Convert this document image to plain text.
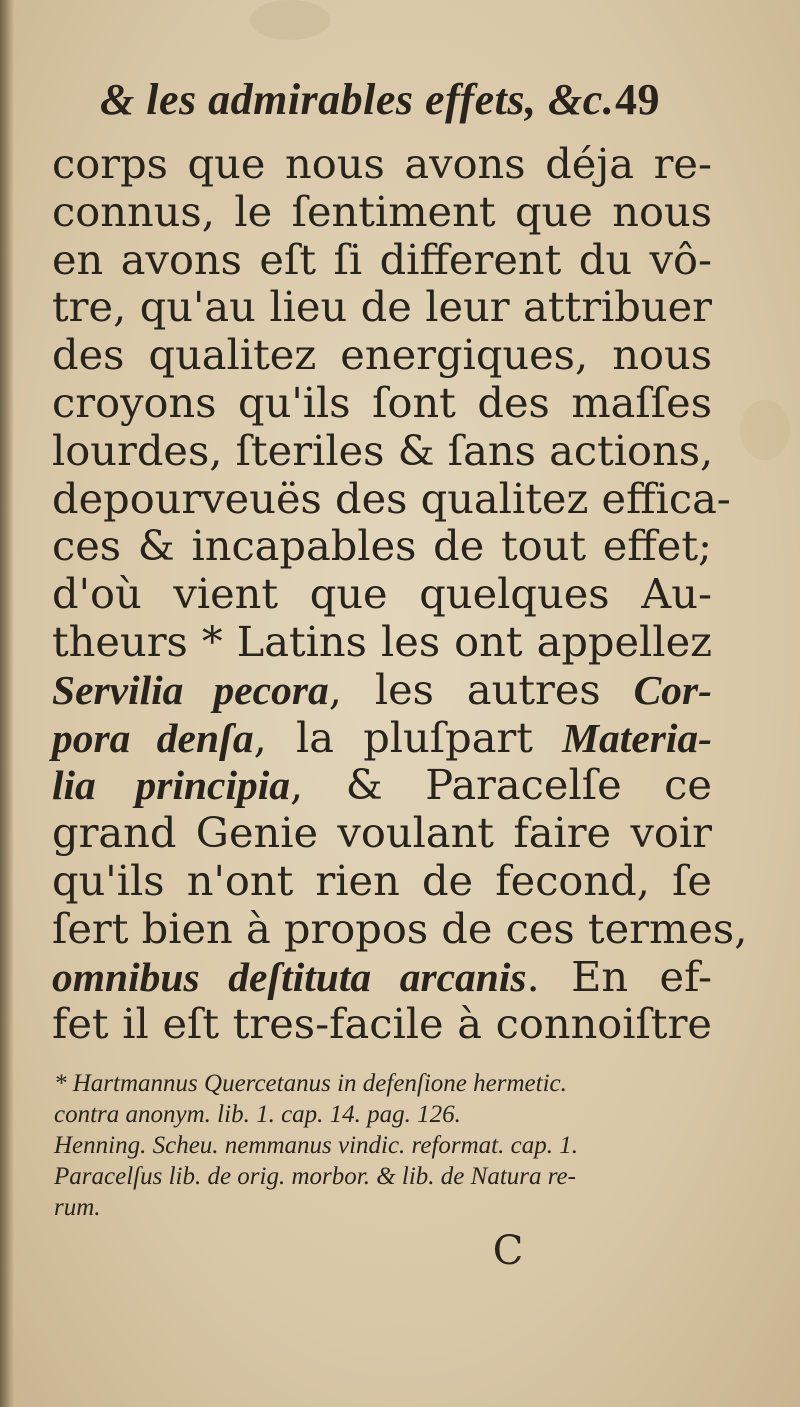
& les admirables effets, &c. 49
corps que nous avons déja re-
connus, le ſentiment que nous
en avons eſt ſi different du vô-
tre, qu'au lieu de leur attribuer
des qualitez energiques, nous
croyons qu'ils ſont des maſſes
lourdes, ſteriles & ſans actions,
depourveuës des qualitez effica-
ces & incapables de tout effet;
d'où vient que quelques Au-
theurs * Latins les ont appellez
Servilia pecora, les autres Cor-
pora denſa, la pluſpart Materia-
lia principia, & Paracelſe ce
grand Genie voulant faire voir
qu'ils n'ont rien de fecond, ſe
ſert bien à propos de ces termes,
omnibus deſtituta arcanis. En ef-
fet il eſt tres-facile à connoiſtre
* Hartmannus Quercetanus in defenſione hermetic.
contra anonym. lib. 1. cap. 14. pag. 126.
Henning. Scheu. nemmanus vindic. reformat. cap. 1.
Paracelſus lib. de orig. morbor. & lib. de Natura re-
rum.
C
